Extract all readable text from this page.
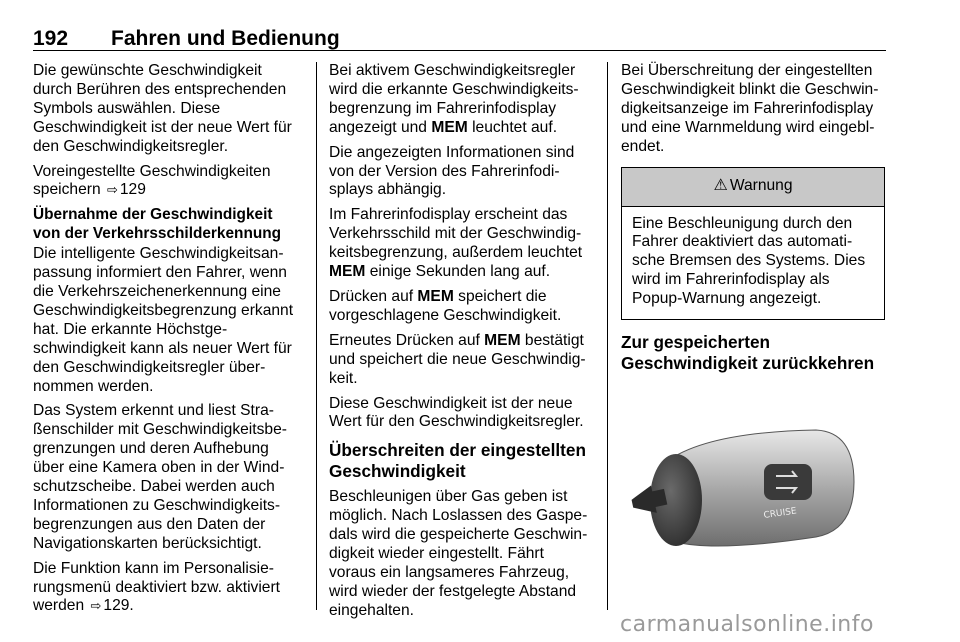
192 Fahren und Bedienung

Die gewünschte Geschwindigkeit durch Berühren des entsprechenden Symbols auswählen. Diese Geschwindigkeit ist der neue Wert für den Geschwindigkeitsregler.

Voreingestellte Geschwindigkeiten speichern ⇨ 129

Übernahme der Geschwindigkeit von der Verkehrsschilderkennung

Die intelligente Geschwindigkeitsanpassung informiert den Fahrer, wenn die Verkehrszeichenerkennung eine Geschwindigkeitsbegrenzung erkannt hat. Die erkannte Höchstgeschwindigkeit kann als neuer Wert für den Geschwindigkeitsregler übernommen werden.

Das System erkennt und liest Straßenschilder mit Geschwindigkeitsbegrenzungen und deren Aufhebung über eine Kamera oben in der Windschutzscheibe. Dabei werden auch Informationen zu Geschwindigkeitsbegrenzungen aus den Daten der Navigationskarten berücksichtigt.

Die Funktion kann im Personalisierungsmenü deaktiviert bzw. aktiviert werden ⇨ 129.

Bei aktivem Geschwindigkeitsregler wird die erkannte Geschwindigkeitsbegrenzung im Fahrerinfodisplay angezeigt und MEM leuchtet auf.

Die angezeigten Informationen sind von der Version des Fahrerinfodisplays abhängig.

Im Fahrerinfodisplay erscheint das Verkehrsschild mit der Geschwindigkeitsbegrenzung, außerdem leuchtet MEM einige Sekunden lang auf.

Drücken auf MEM speichert die vorgeschlagene Geschwindigkeit.

Erneutes Drücken auf MEM bestätigt und speichert die neue Geschwindigkeit.

Diese Geschwindigkeit ist der neue Wert für den Geschwindigkeitsregler.

Überschreiten der eingestellten Geschwindigkeit

Beschleunigen über Gas geben ist möglich. Nach Loslassen des Gaspedals wird die gespeicherte Geschwindigkeit wieder eingestellt. Fährt voraus ein langsameres Fahrzeug, wird wieder der festgelegte Abstand eingehalten.

Bei Überschreitung der eingestellten Geschwindigkeit blinkt die Geschwindigkeitsanzeige im Fahrerinfodisplay und eine Warnmeldung wird eingeblendet.

⚠ Warnung
Eine Beschleunigung durch den Fahrer deaktiviert das automatische Bremsen des Systems. Dies wird im Fahrerinfodisplay als Popup-Warnung angezeigt.
Zur gespeicherten Geschwindigkeit zurückkehren
CRUISE
carmanualsonline.info
